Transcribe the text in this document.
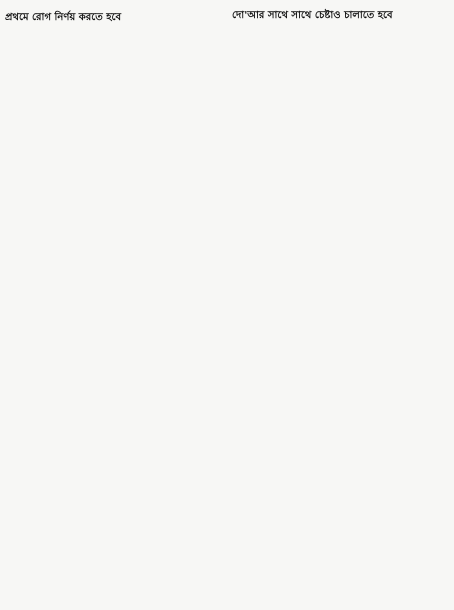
প্রথমে রোগ নির্ণয় করতে হবে	দো'আর সাথে সাথে চেষ্টাও চালাতে হবে
